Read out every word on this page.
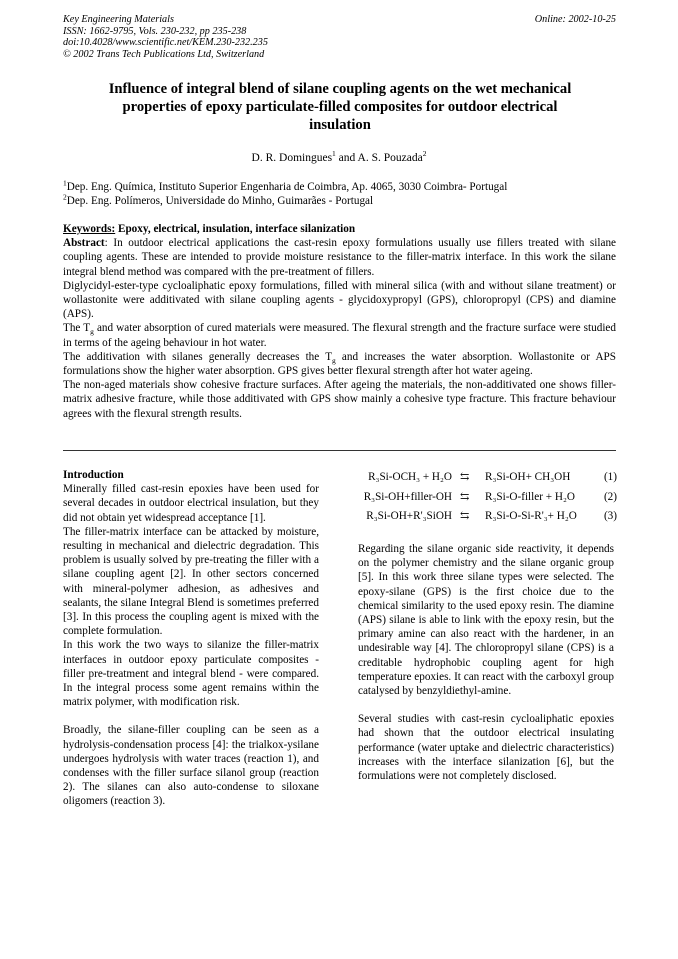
Key Engineering Materials
ISSN: 1662-9795, Vols. 230-232, pp 235-238
doi:10.4028/www.scientific.net/KEM.230-232.235
© 2002 Trans Tech Publications Ltd, Switzerland
Online: 2002-10-25
Influence of integral blend of silane coupling agents on the wet mechanical properties of epoxy particulate-filled composites for outdoor electrical insulation
D. R. Domingues$^1$ and A. S. Pouzada$^2$
$^1$Dep. Eng. Química, Instituto Superior Engenharia de Coimbra, Ap. 4065, 3030 Coimbra- Portugal
$^2$Dep. Eng. Polímeros, Universidade do Minho, Guimarães - Portugal

Keywords: Epoxy, electrical, insulation, interface silanization

Abstract: In outdoor electrical applications the cast-resin epoxy formulations usually use fillers treated with silane coupling agents. These are intended to provide moisture resistance to the filler-matrix interface. In this work the silane integral blend method was compared with the pre-treatment of fillers.

Diglycidyl-ester-type cycloaliphatic epoxy formulations, filled with mineral silica (with and without silane treatment) or wollastonite were additivated with silane coupling agents - glycidoxypropyl (GPS), chloropropyl (CPS) and diamine (APS).

The $T_g$ and water absorption of cured materials were measured. The flexural strength and the fracture surface were studied in terms of the ageing behaviour in hot water.

The additivation with silanes generally decreases the $T_g$ and increases the water absorption. Wollastonite or APS formulations show the higher water absorption. GPS gives better flexural strength after hot water ageing.

The non-aged materials show cohesive fracture surfaces. After ageing the materials, the non-additivated one shows filler-matrix adhesive fracture, while those additivated with GPS show mainly a cohesive type fracture. This fracture behaviour agrees with the flexural strength results.

Introduction

Minerally filled cast-resin epoxies have been used for several decades in outdoor electrical insulation, but they did not obtain yet widespread acceptance [1].

The filler-matrix interface can be attacked by moisture, resulting in mechanical and dielectric degradation. This problem is usually solved by pre-treating the filler with a silane coupling agent [2]. In other sectors concerned with mineral-polymer adhesion, as adhesives and sealants, the silane Integral Blend is sometimes preferred [3]. In this process the coupling agent is mixed with the complete formulation.

In this work the two ways to silanize the filler-matrix interfaces in outdoor epoxy particulate composites - filler pre-treatment and integral blend - were compared. In the integral process some agent remains within the matrix polymer, with modification risk.

Broadly, the silane-filler coupling can be seen as a hydrolysis-condensation process [4]: the trialkox-ysilane undergoes hydrolysis with water traces (reaction 1), and condenses with the filler surface silanol group (reaction 2). The silanes can also auto-condense to siloxane oligomers (reaction 3).

R₃Si-OCH₃ + H₂O ⇆ R₃Si-OH+ CH₃OH	(1)
R₃Si-OH+filler-OH ⇆ R₃Si-O-filler + H₂O	(2)
R₃Si-OH+R'₃SiOH ⇆ R₃Si-O-Si-R'₃+ H₂O (3)

Regarding the silane organic side reactivity, it depends on the polymer chemistry and the silane organic group [5]. In this work three silane types were selected. The epoxy-silane (GPS) is the first choice due to the chemical similarity to the used epoxy resin. The diamine (APS) silane is able to link with the epoxy resin, but the primary amine can also react with the hardener, in an undesirable way [4]. The chloropropyl silane (CPS) is a creditable hydrophobic coupling agent for high temperature epoxies. It can react with the carboxyl group catalysed by benzyldiethyl-amine.

Several studies with cast-resin cycloaliphatic epoxies had shown that the outdoor electrical insulating performance (water uptake and dielectric characteristics) increases with the interface silanization [6], but the formulations were not completely disclosed.
